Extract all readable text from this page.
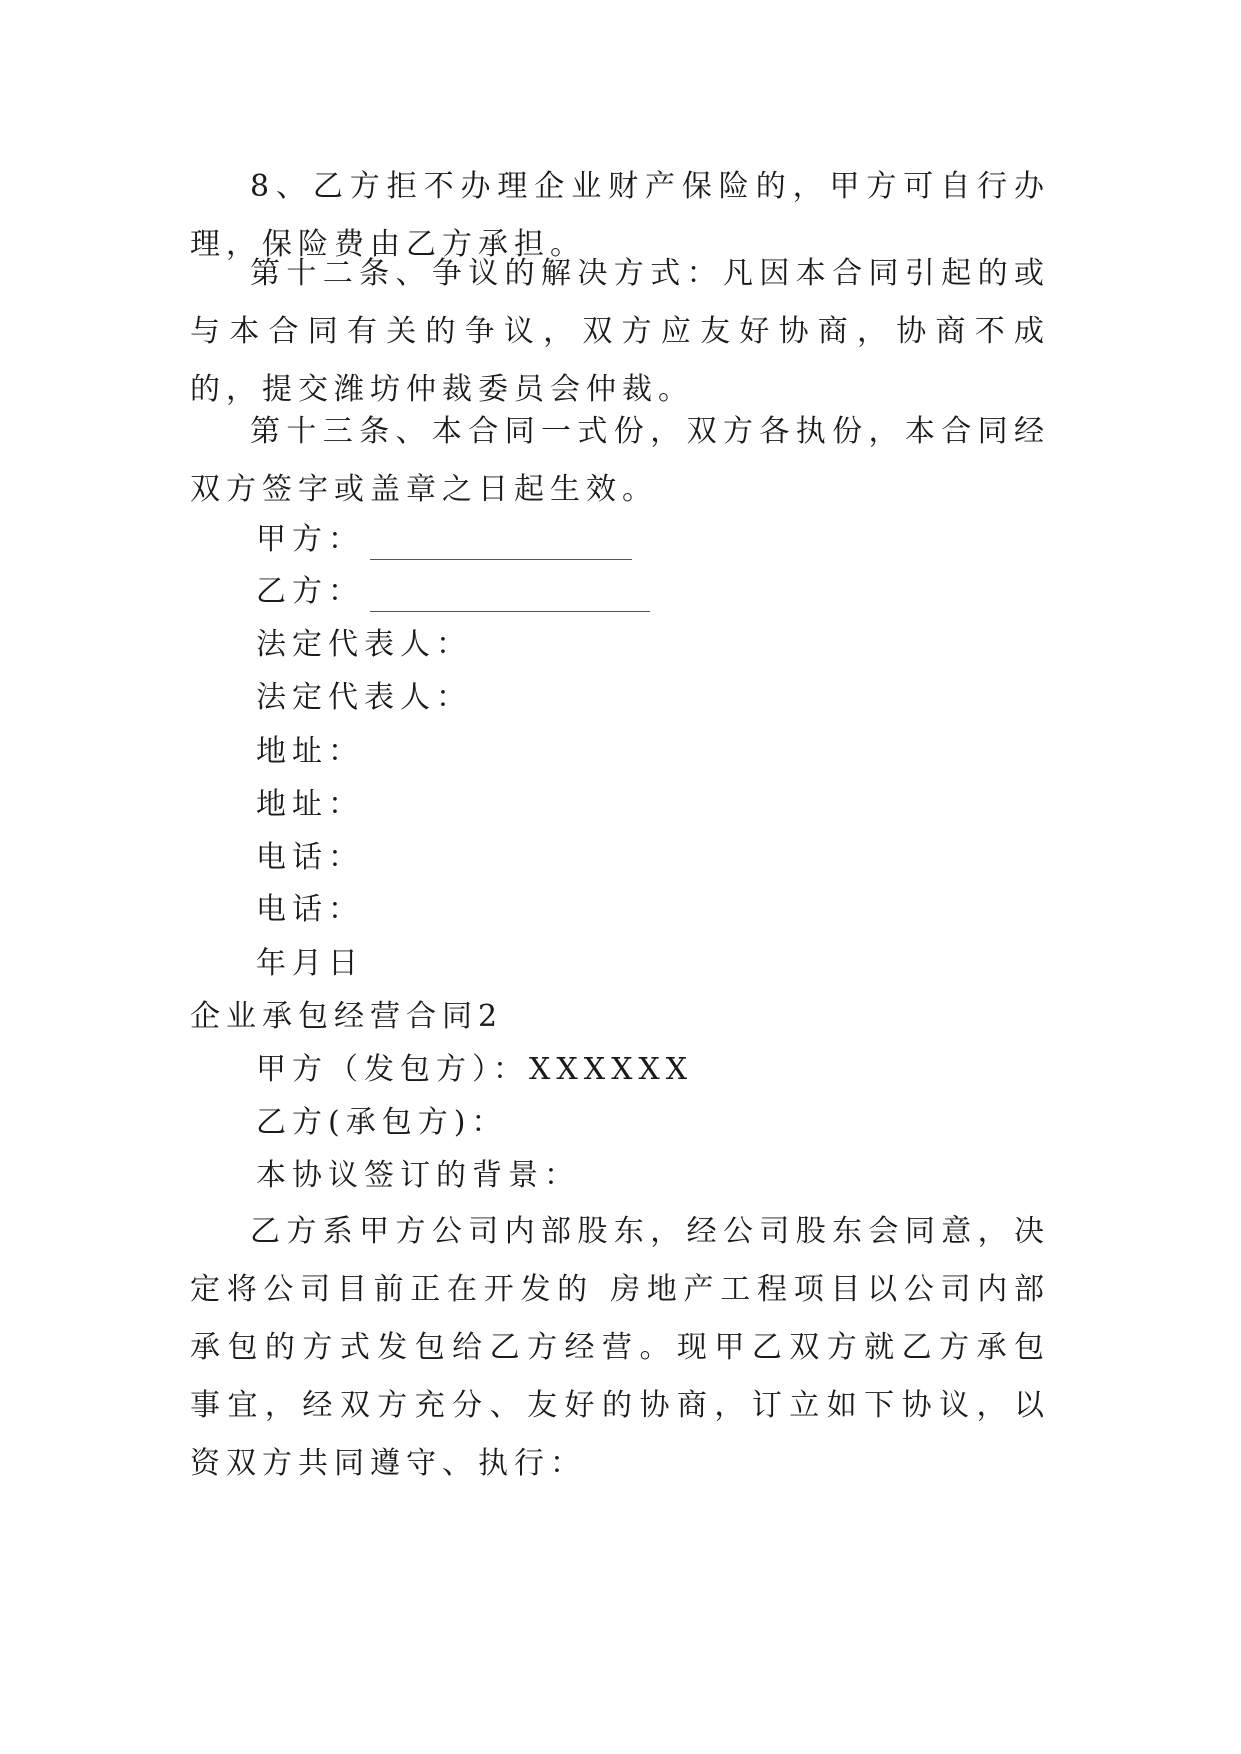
8、乙方拒不办理企业财产保险的，甲方可自行办理，保险费由乙方承担。

第十二条、争议的解决方式：凡因本合同引起的或与本合同有关的争议，双方应友好协商，协商不成的，提交潍坊仲裁委员会仲裁。

第十三条、本合同一式份，双方各执份，本合同经双方签字或盖章之日起生效。

甲方：
乙方：
法定代表人：
法定代表人：
地址：
地址：
电话：
电话：
年月日
企业承包经营合同2
甲方（发包方）：XXXXXX
乙方(承包方)：
本协议签订的背景：

乙方系甲方公司内部股东，经公司股东会同意，决定将公司目前正在开发的 房地产工程项目以公司内部承包的方式发包给乙方经营。现甲乙双方就乙方承包事宜，经双方充分、友好的协商，订立如下协议，以资双方共同遵守、执行：
